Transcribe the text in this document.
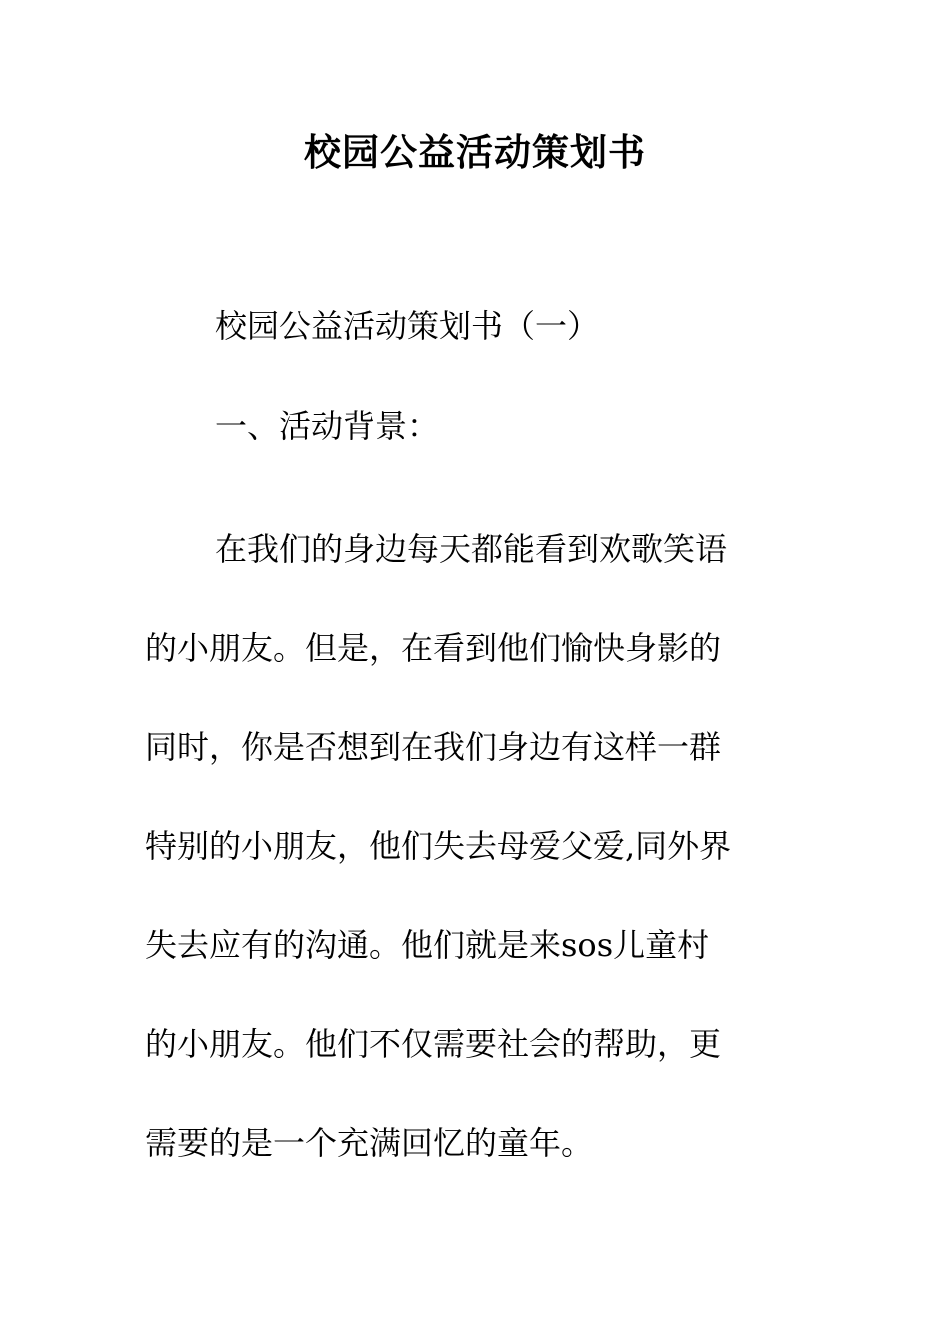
校园公益活动策划书

校园公益活动策划书（一）

一、活动背景：

在我们的身边每天都能看到欢歌笑语
的小朋友。但是，在看到他们愉快身影的
同时，你是否想到在我们身边有这样一群
特别的小朋友，他们失去母爱父爱,同外界
失去应有的沟通。他们就是来sos儿童村
的小朋友。他们不仅需要社会的帮助，更
需要的是一个充满回忆的童年。
